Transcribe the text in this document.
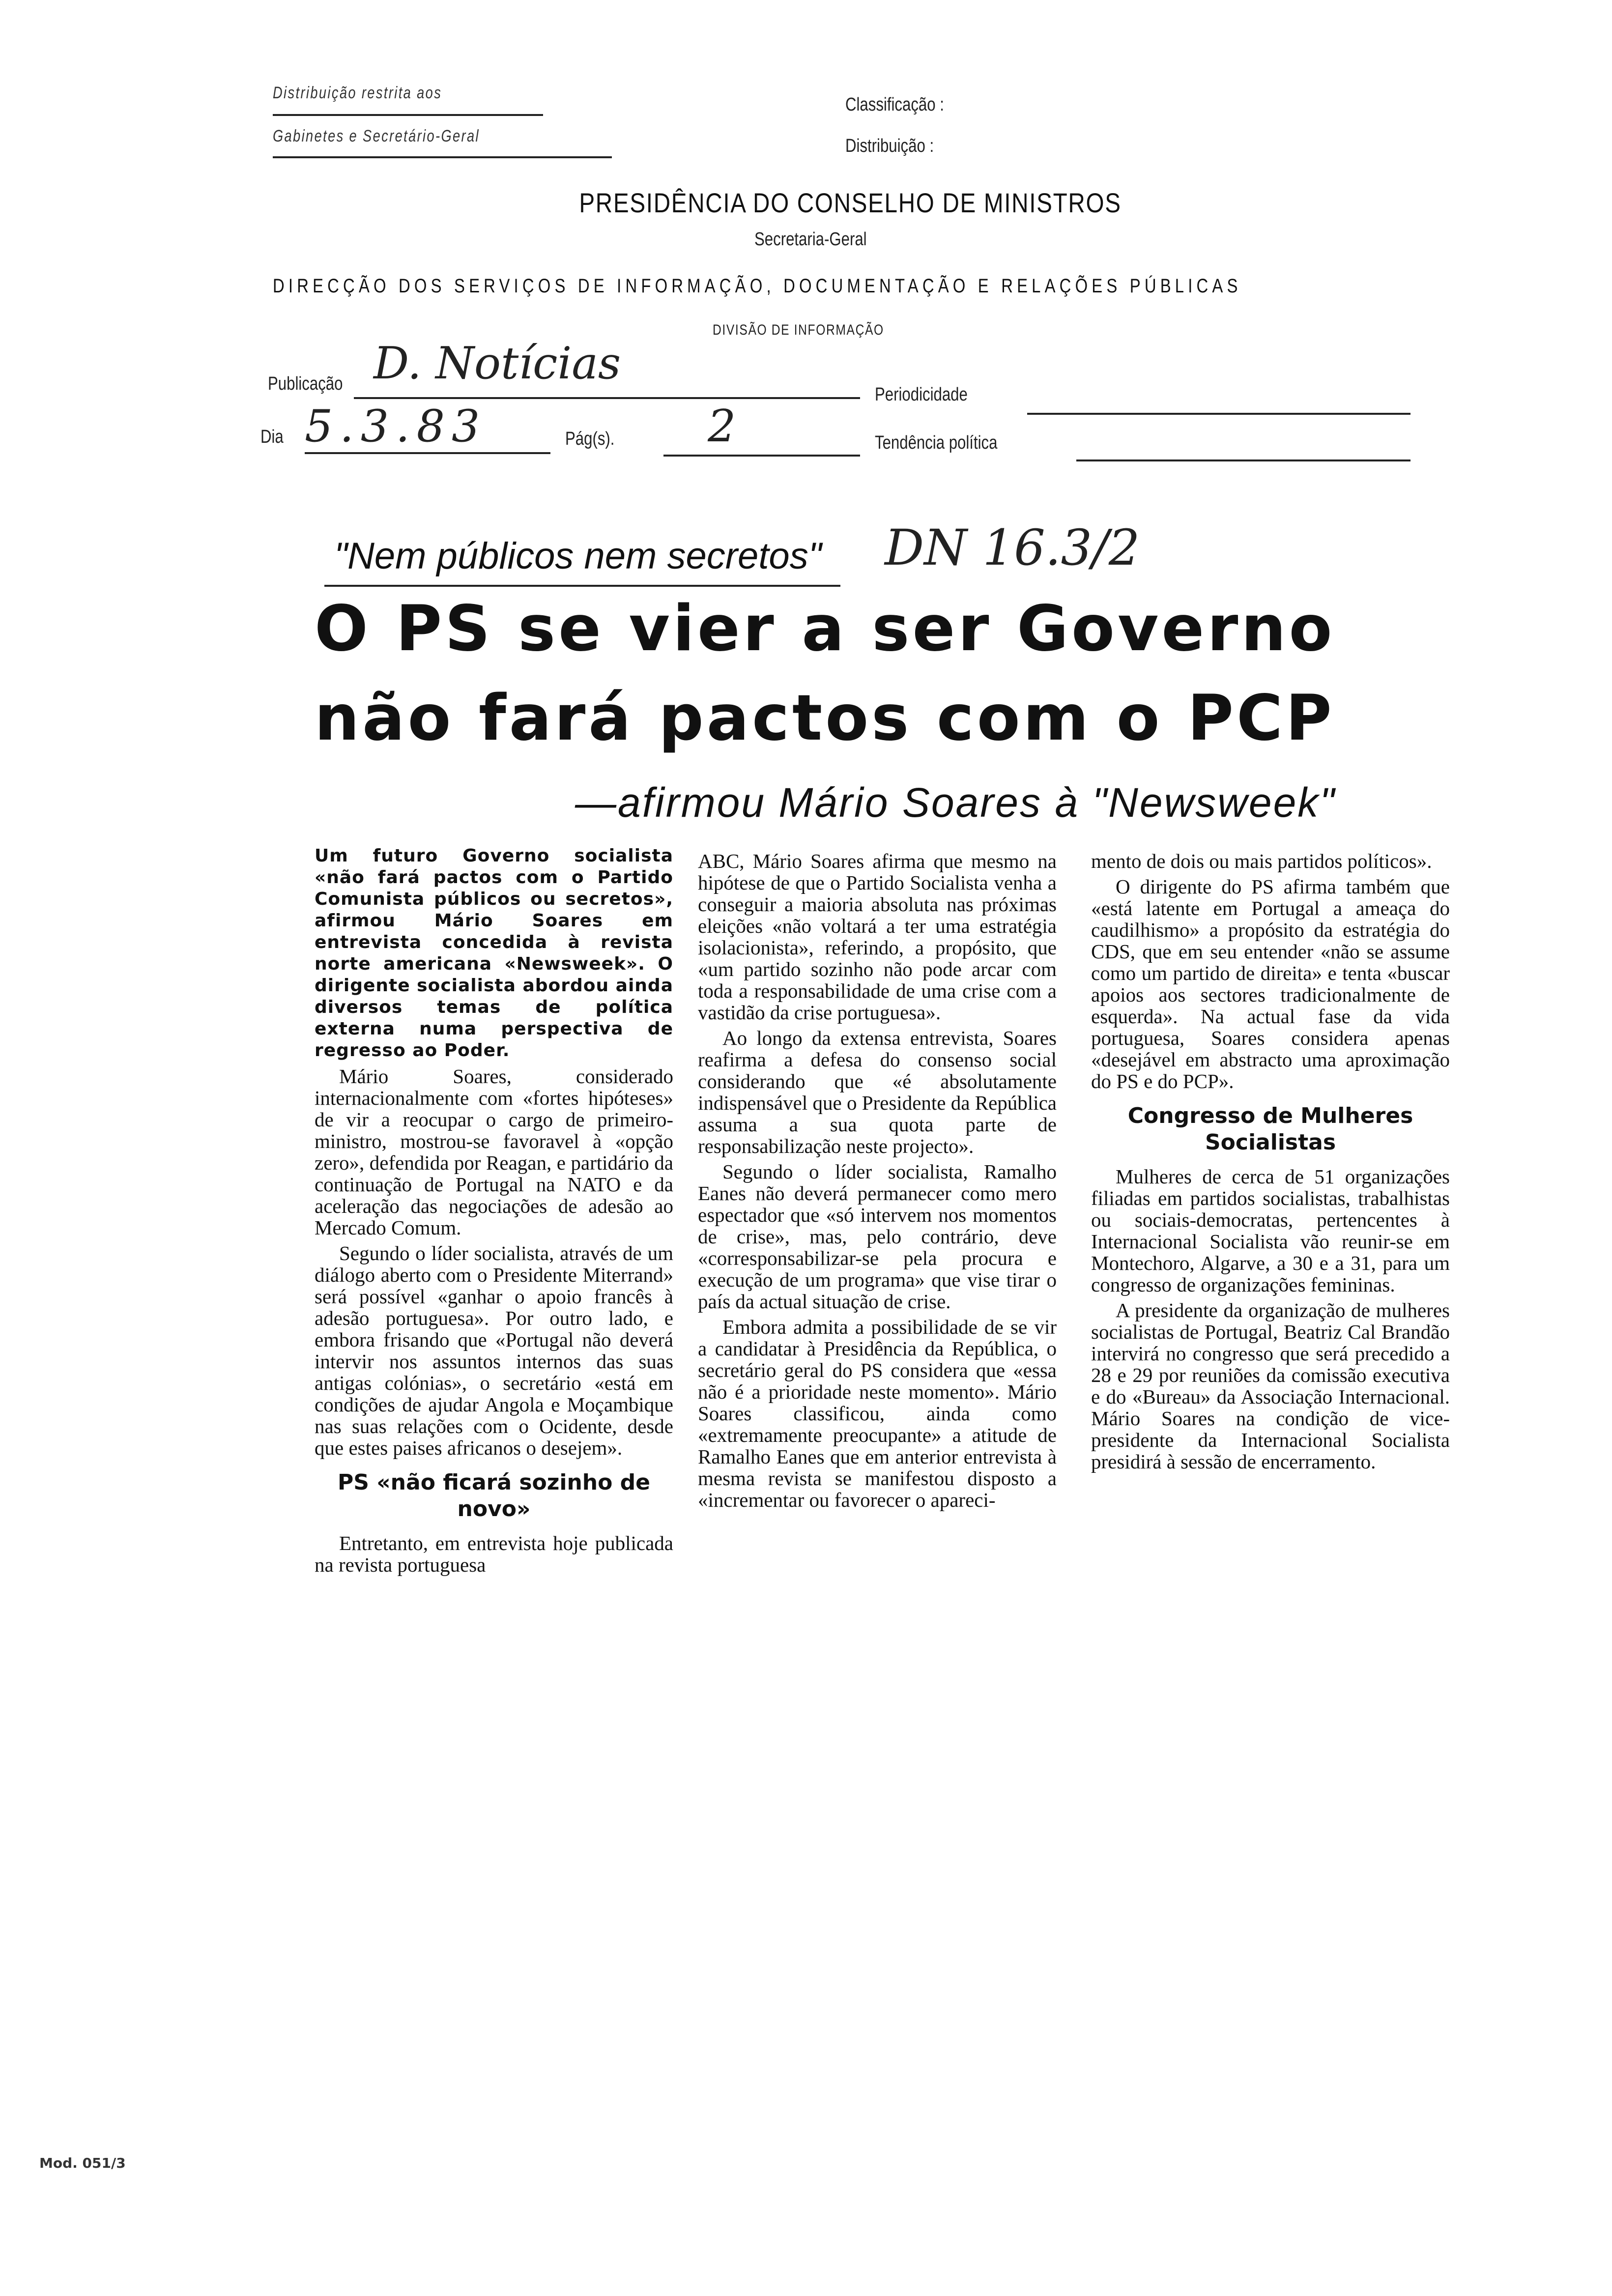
Distribuição restrita aos
Gabinetes e Secretário-Geral
Classificação :
Distribuição :
PRESIDÊNCIA DO CONSELHO DE MINISTROS
Secretaria-Geral
DIRECÇÃO DOS SERVIÇOS DE INFORMAÇÃO, DOCUMENTAÇÃO E RELAÇÕES PÚBLICAS
DIVISÃO DE INFORMAÇÃO
D. Notícias
Publicação
Periodicidade
Dia 5.3.83	Pág(s). 2	Tendência política
"Nem públicos nem secretos" DN 16.3/2
O PS se vier a ser Governo
não fará pactos com o PCP
—afirmou Mário Soares à "Newsweek"

Um futuro Governo socialista «não fará pactos com o Partido Comunista públicos ou secretos», afirmou Mário Soares em entrevista concedida à revista norte americana «Newsweek». O dirigente socialista abordou ainda diversos temas de política externa numa perspectiva de regresso ao Poder.

Mário Soares, considerado internacionalmente com «fortes hipóteses» de vir a reocupar o cargo de primeiro-ministro, mostrou-se favoravel à «opção zero», defendida por Reagan, e partidário da continuação de Portugal na NATO e da aceleração das negociações de adesão ao Mercado Comum.

Segundo o líder socialista, através de um diálogo aberto com o Presidente Miterrand» será possível «ganhar o apoio francês à adesão portuguesa». Por outro lado, e embora frisando que «Portugal não deverá intervir nos assuntos internos das suas antigas colónias», o secretário «está em condições de ajudar Angola e Moçambique nas suas relações com o Ocidente, desde que estes paises africanos o desejem».

PS «não ficará sozinho de novo»

Entretanto, em entrevista hoje publicada na revista portuguesa

ABC, Mário Soares afirma que mesmo na hipótese de que o Partido Socialista venha a conseguir a maioria absoluta nas próximas eleições «não voltará a ter uma estratégia isolacionista», referindo, a propósito, que «um partido sozinho não pode arcar com toda a responsabilidade de uma crise com a vastidão da crise portuguesa».

Ao longo da extensa entrevista, Soares reafirma a defesa do consenso social considerando que «é absolutamente indispensável que o Presidente da República assuma a sua quota parte de responsabilização neste projecto».

Segundo o líder socialista, Ramalho Eanes não deverá permanecer como mero espectador que «só intervem nos momentos de crise», mas, pelo contrário, deve «corresponsabilizar-se pela procura e execução de um programa» que vise tirar o país da actual situação de crise.

Embora admita a possibilidade de se vir a candidatar à Presidência da República, o secretário geral do PS considera que «essa não é a prioridade neste momento». Mário Soares classificou, ainda como «extremamente preocupante» a atitude de Ramalho Eanes que em anterior entrevista à mesma revista se manifestou disposto a «incrementar ou favorecer o apareci-

mento de dois ou mais partidos políticos».

O dirigente do PS afirma também que «está latente em Portugal a ameaça do caudilhismo» a propósito da estratégia do CDS, que em seu entender «não se assume como um partido de direita» e tenta «buscar apoios aos sectores tradicionalmente de esquerda». Na actual fase da vida portuguesa, Soares considera apenas «desejável em abstracto uma aproximação do PS e do PCP».

Congresso de Mulheres Socialistas

Mulheres de cerca de 51 organizações filiadas em partidos socialistas, trabalhistas ou sociais-democratas, pertencentes à Internacional Socialista vão reunir-se em Montechoro, Algarve, a 30 e a 31, para um congresso de organizações femininas.

A presidente da organização de mulheres socialistas de Portugal, Beatriz Cal Brandão intervirá no congresso que será precedido a 28 e 29 por reuniões da comissão executiva e do «Bureau» da Associação Internacional. Mário Soares na condição de vice-presidente da Internacional Socialista presidirá à sessão de encerramento.

Mod. 051/3
